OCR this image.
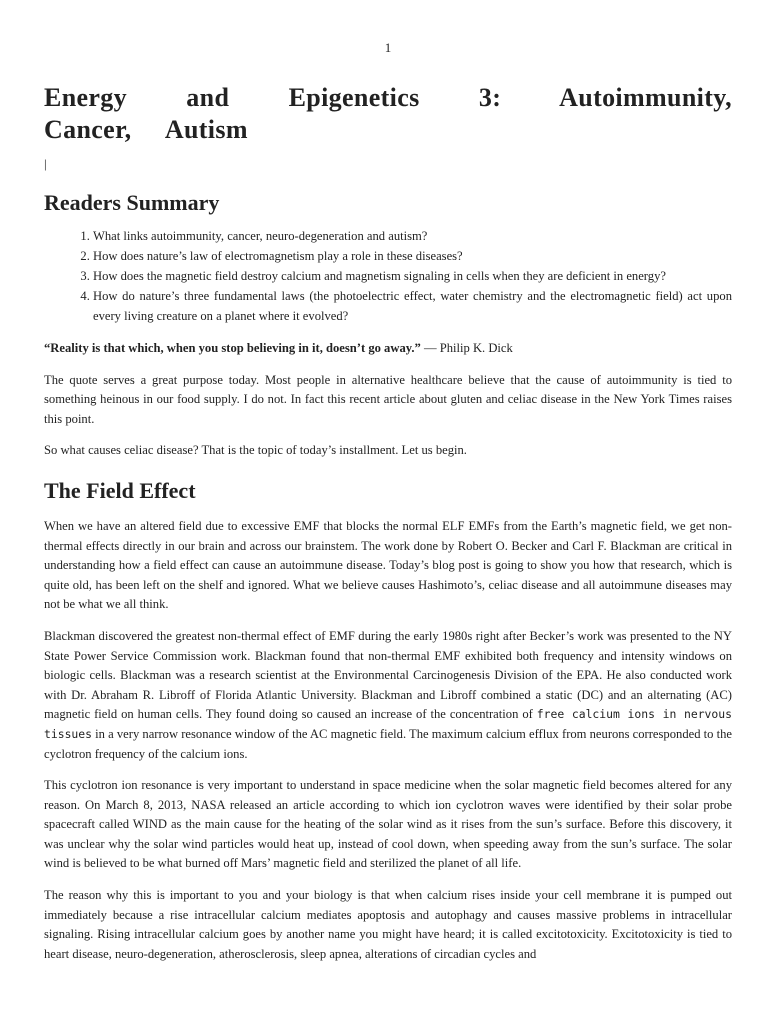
1
Energy and Epigenetics 3: Autoimmunity, Cancer, Autism
|
Readers Summary
1. What links autoimmunity, cancer, neuro-degeneration and autism?
2. How does nature’s law of electromagnetism play a role in these diseases?
3. How does the magnetic field destroy calcium and magnetism signaling in cells when they are deficient in energy?
4. How do nature’s three fundamental laws (the photoelectric effect, water chemistry and the electromagnetic field) act upon every living creature on a planet where it evolved?

“Reality is that which, when you stop believing in it, doesn’t go away.” — Philip K. Dick

The quote serves a great purpose today. Most people in alternative healthcare believe that the cause of autoimmunity is tied to something heinous in our food supply. I do not. In fact this recent article about gluten and celiac disease in the New York Times raises this point.

So what causes celiac disease? That is the topic of today’s installment. Let us begin.

The Field Effect

When we have an altered field due to excessive EMF that blocks the normal ELF EMFs from the Earth’s magnetic field, we get non-thermal effects directly in our brain and across our brainstem. The work done by Robert O. Becker and Carl F. Blackman are critical in understanding how a field effect can cause an autoimmune disease. Today’s blog post is going to show you how that research, which is quite old, has been left on the shelf and ignored. What we believe causes Hashimoto’s, celiac disease and all autoimmune diseases may not be what we all think.

Blackman discovered the greatest non-thermal effect of EMF during the early 1980s right after Becker’s work was presented to the NY State Power Service Commission work. Blackman found that non-thermal EMF exhibited both frequency and intensity windows on biologic cells. Blackman was a research scientist at the Environmental Carcinogenesis Division of the EPA. He also conducted work with Dr. Abraham R. Libroff of Florida Atlantic University. Blackman and Libroff combined a static (DC) and an alternating (AC) magnetic field on human cells. They found doing so caused an increase of the concentration of free calcium ions in nervous tissues in a very narrow resonance window of the AC magnetic field. The maximum calcium efflux from neurons corresponded to the cyclotron frequency of the calcium ions.

This cyclotron ion resonance is very important to understand in space medicine when the solar magnetic field becomes altered for any reason. On March 8, 2013, NASA released an article according to which ion cyclotron waves were identified by their solar probe spacecraft called WIND as the main cause for the heating of the solar wind as it rises from the sun’s surface. Before this discovery, it was unclear why the solar wind particles would heat up, instead of cool down, when speeding away from the sun’s surface. The solar wind is believed to be what burned off Mars’ magnetic field and sterilized the planet of all life.

The reason why this is important to you and your biology is that when calcium rises inside your cell membrane it is pumped out immediately because a rise intracellular calcium mediates apoptosis and autophagy and causes massive problems in intracellular signaling. Rising intracellular calcium goes by another name you might have heard; it is called excitotoxicity. Excitotoxicity is tied to heart disease, neuro-degeneration, atherosclerosis, sleep apnea, alterations of circadian cycles and
